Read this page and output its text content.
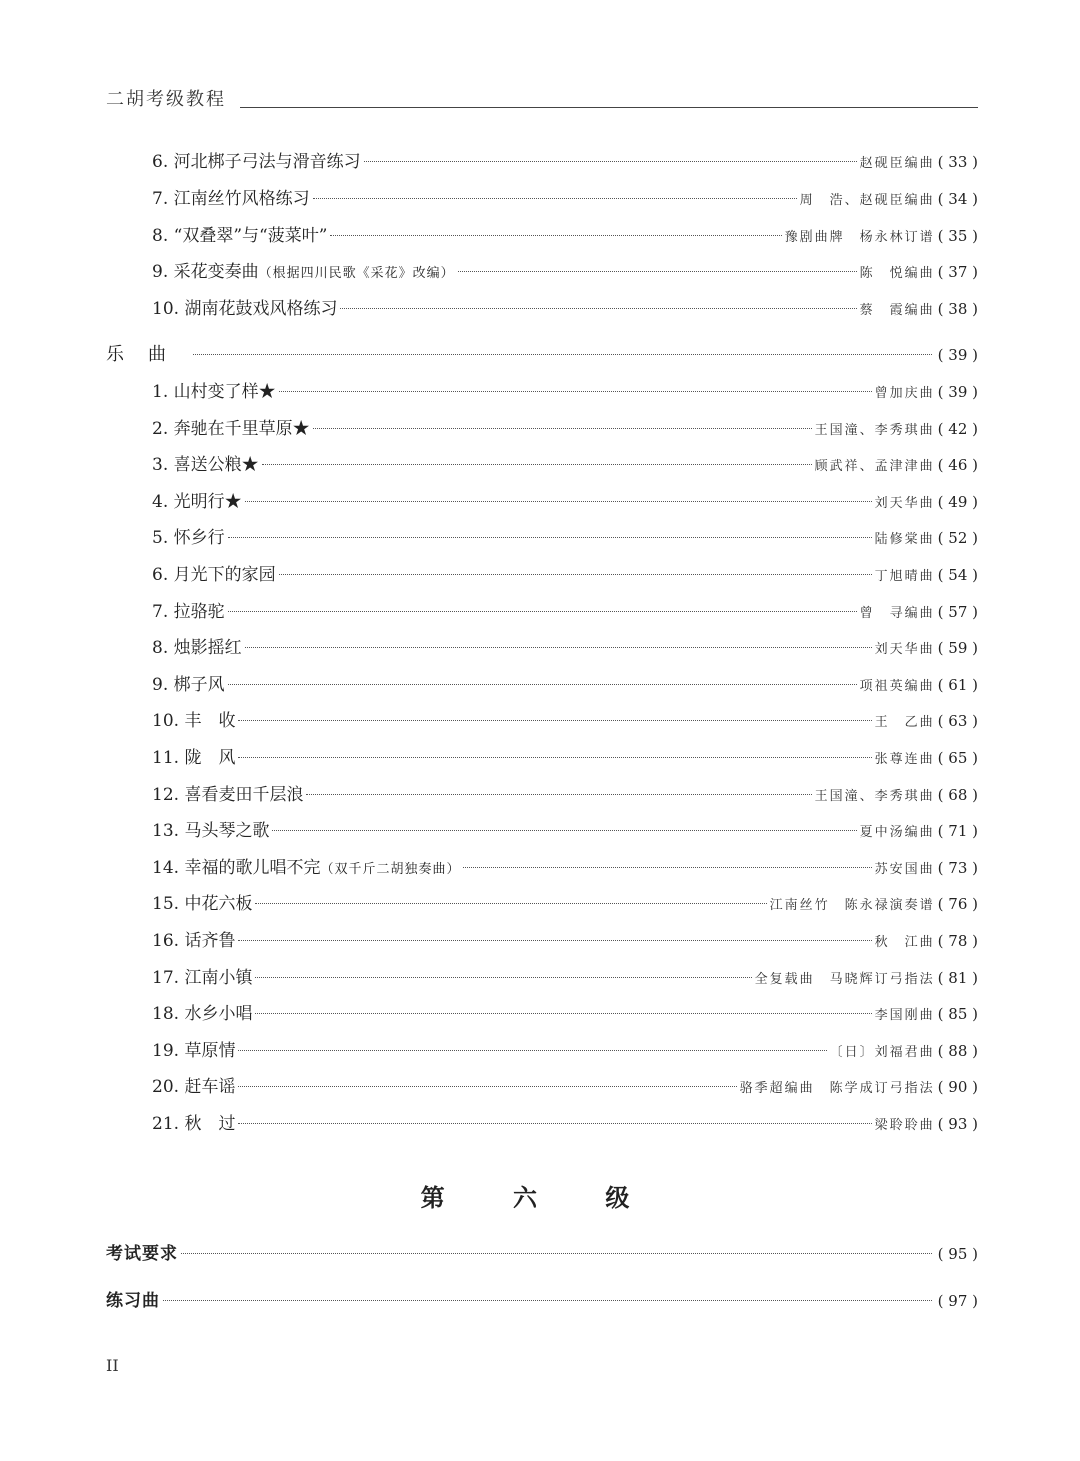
二胡考级教程
6. 河北梆子弓法与滑音练习	赵砚臣编曲 ( 33 )
7. 江南丝竹风格练习	周　浩、赵砚臣编曲 ( 34 )
8. “双叠翠”与“菠菜叶”	豫剧曲牌　杨永林订谱 ( 35 )
9. 采花变奏曲（根据四川民歌《采花》改编）	陈　悦编曲 ( 37 )
10. 湖南花鼓戏风格练习	蔡　霞编曲 ( 38 )
乐曲	( 39 )
1. 山村变了样★	曾加庆曲 ( 39 )
2. 奔驰在千里草原★	王国潼、李秀琪曲 ( 42 )
3. 喜送公粮★	顾武祥、孟津津曲 ( 46 )
4. 光明行★	刘天华曲 ( 49 )
5. 怀乡行	陆修棠曲 ( 52 )
6. 月光下的家园	丁旭晴曲 ( 54 )
7. 拉骆驼	曾　寻编曲 ( 57 )
8. 烛影摇红	刘天华曲 ( 59 )
9. 梆子风	项祖英编曲 ( 61 )
10. 丰　收	王　乙曲 ( 63 )
11. 陇　风	张尊连曲 ( 65 )
12. 喜看麦田千层浪	王国潼、李秀琪曲 ( 68 )
13. 马头琴之歌	夏中汤编曲 ( 71 )
14. 幸福的歌儿唱不完（双千斤二胡独奏曲）	苏安国曲 ( 73 )
15. 中花六板	江南丝竹　陈永禄演奏谱 ( 76 )
16. 话齐鲁	秋　江曲 ( 78 )
17. 江南小镇	全复载曲　马晓辉订弓指法 ( 81 )
18. 水乡小唱	李国刚曲 ( 85 )
19. 草原情	〔日〕刘福君曲 ( 88 )
20. 赶车谣	骆季超编曲　陈学成订弓指法 ( 90 )
21. 秋　过	梁聆聆曲 ( 93 )
考试要求	( 95 )
练习曲	( 97 )
第 六 级
II
